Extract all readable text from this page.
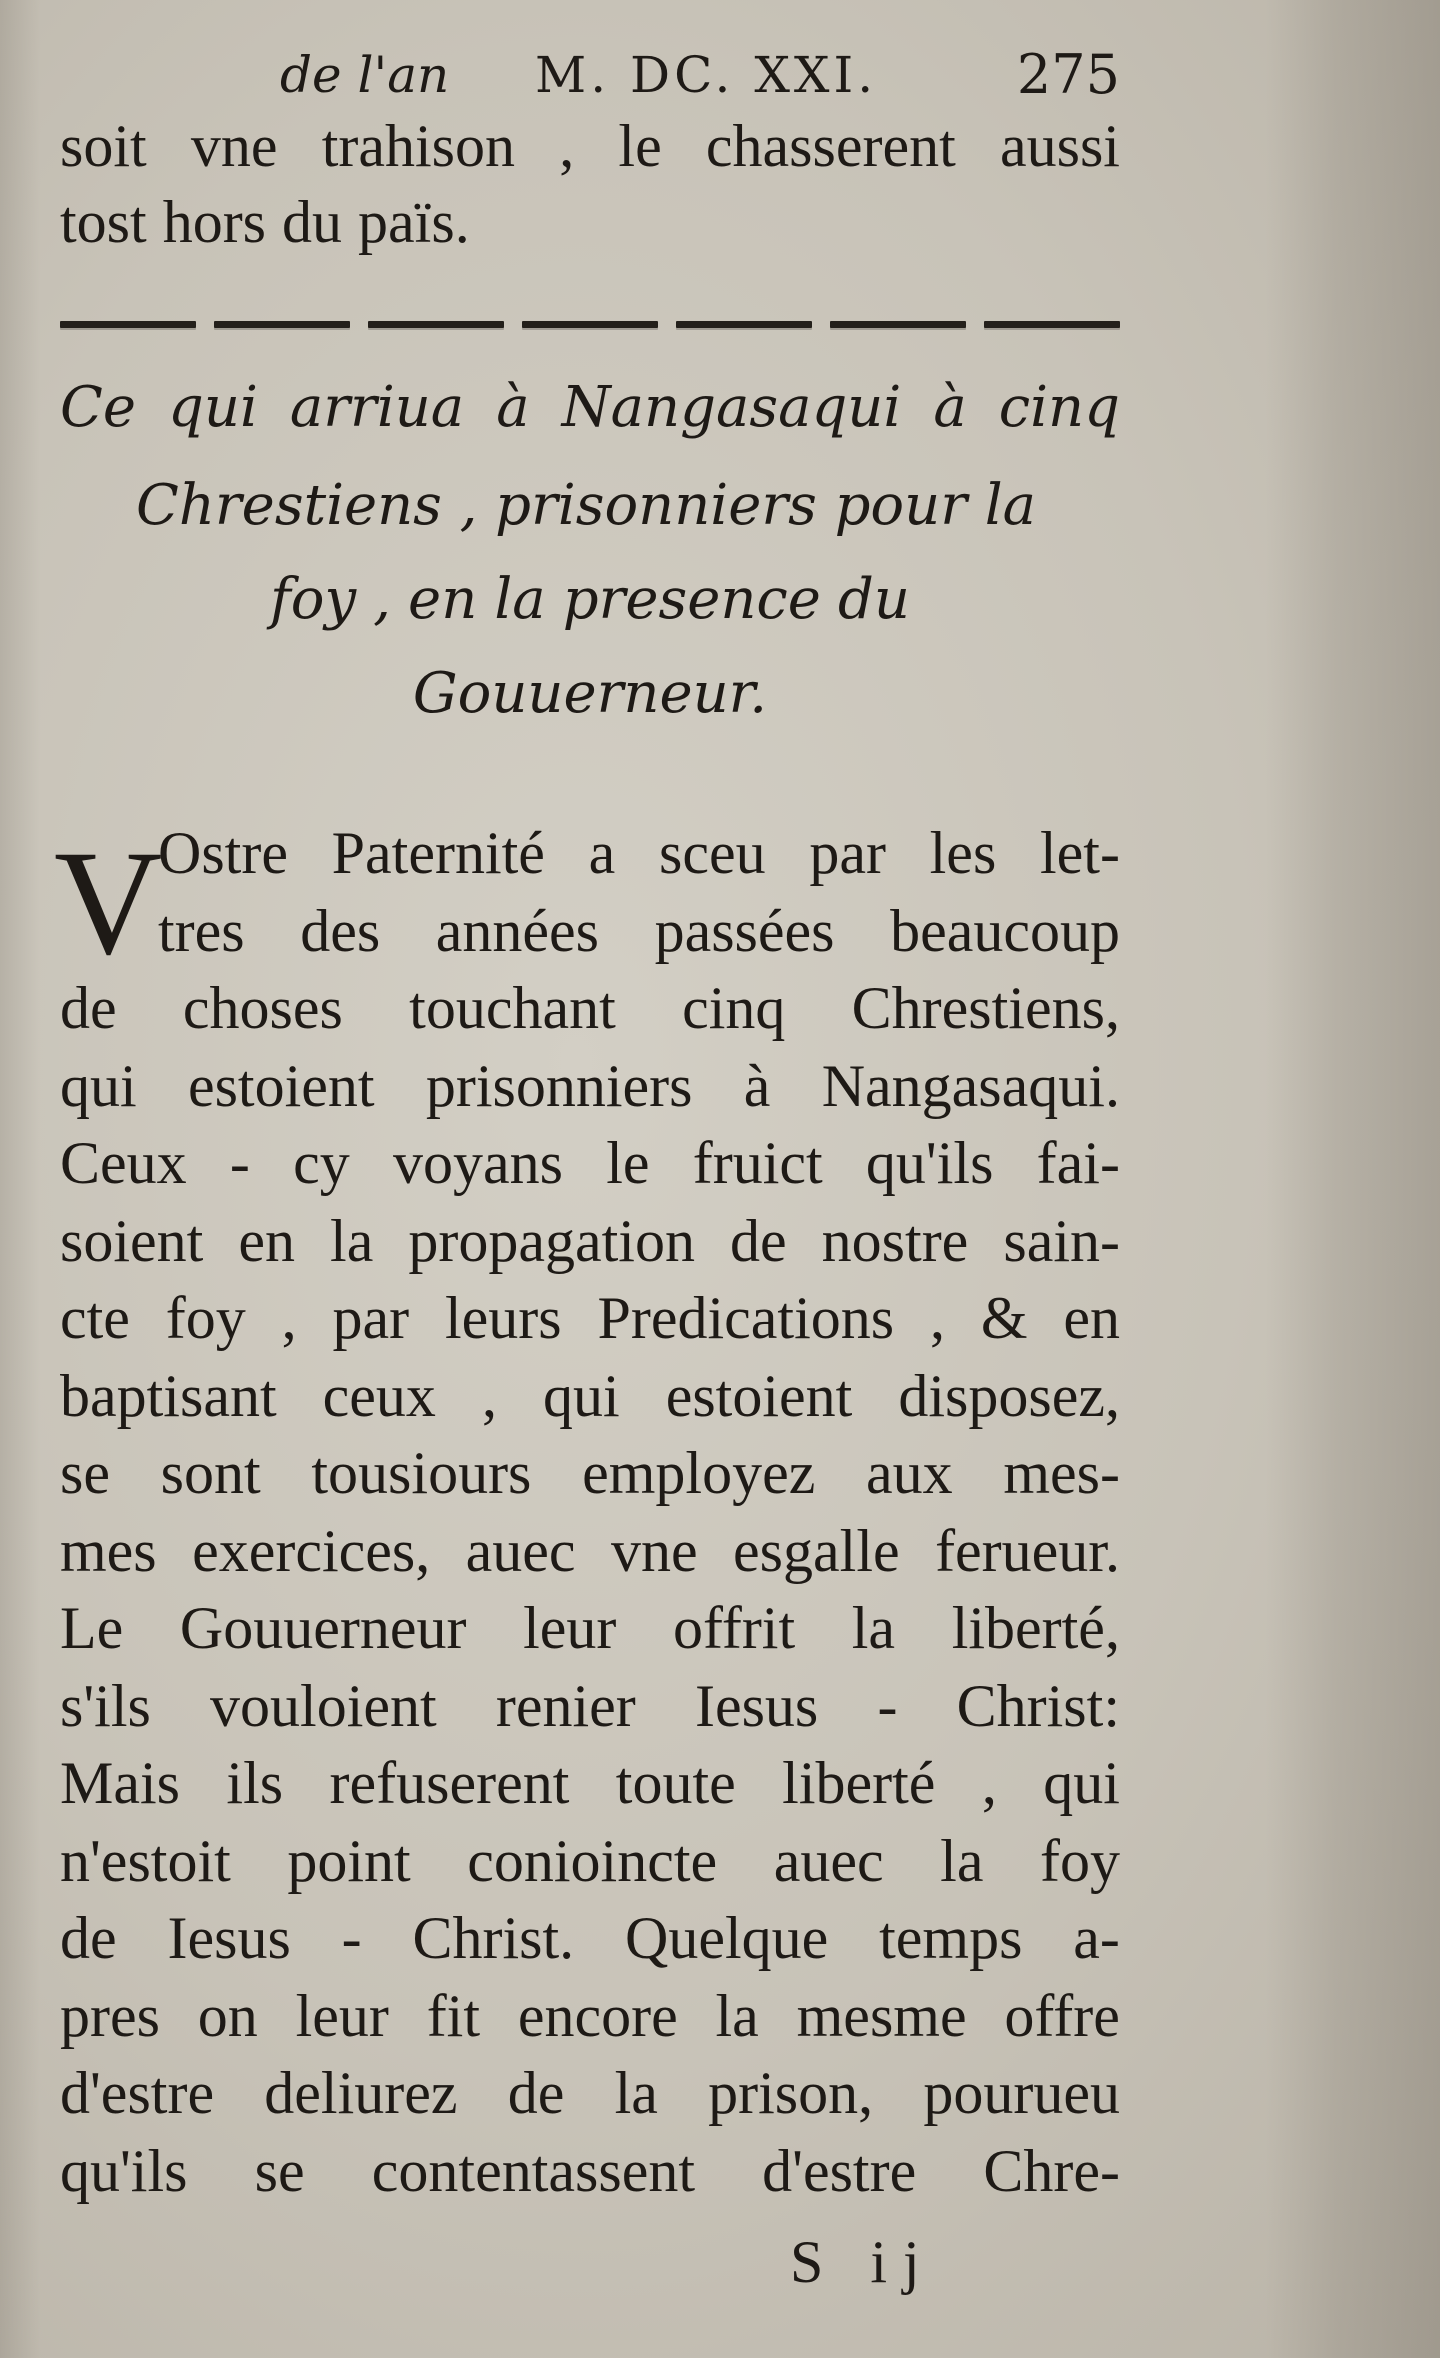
de l'an M. DC. XXI.	275
soit vne trahison , le chasserent aussi
tost hors du païs.
Ce qui arriua à Nangasaqui à cinq
Chrestiens , prisonniers pour la
foy , en la presence du
Gouuerneur.
V
Ostre Paternité a sceu par les let-
tres des années passées beaucoup
de choses touchant cinq Chrestiens,
qui estoient prisonniers à Nangasaqui.
Ceux - cy voyans le fruict qu'ils fai-
soient en la propagation de nostre sain-
cte foy , par leurs Predications , & en
baptisant ceux , qui estoient disposez,
se sont tousiours employez aux mes-
mes exercices, auec vne esgalle ferueur.
Le Gouuerneur leur offrit la liberté,
s'ils vouloient renier Iesus - Christ:
Mais ils refuserent toute liberté , qui
n'estoit point conioincte auec la foy
de Iesus - Christ. Quelque temps a-
pres on leur fit encore la mesme offre
d'estre deliurez de la prison, pourueu
qu'ils se contentassent d'estre Chre-
S ij
